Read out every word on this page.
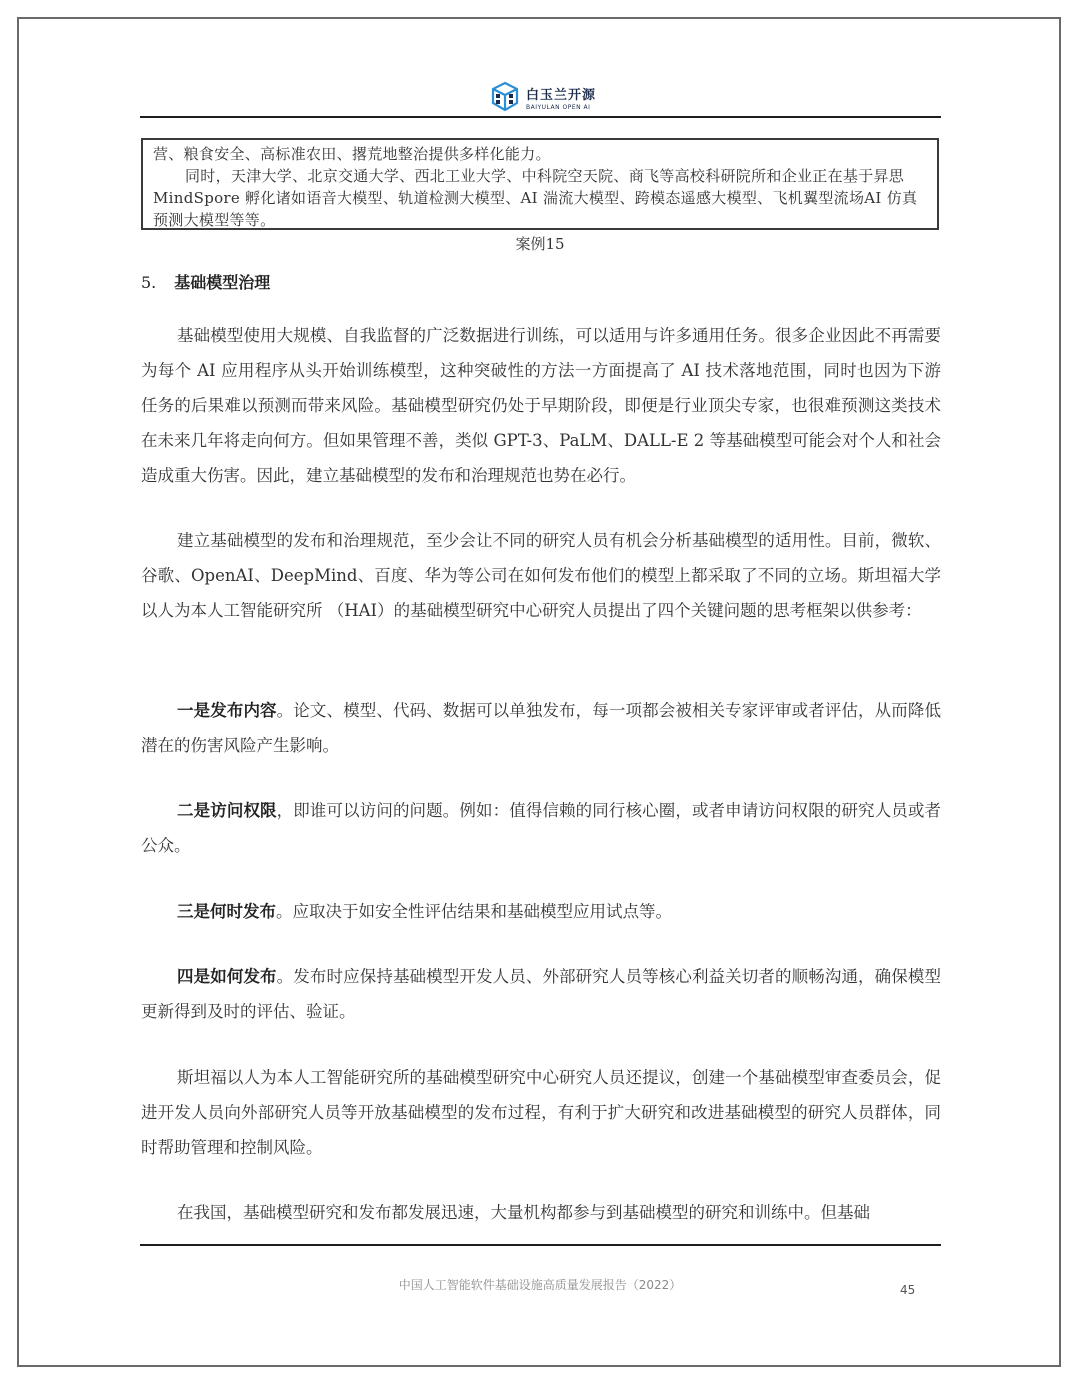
白玉兰开源
BAIYULAN OPEN AI
营、粮食安全、高标准农田、撂荒地整治提供多样化能力。
同时，天津大学、北京交通大学、西北工业大学、中科院空天院、商飞等高校科研院所和企业正在基于昇思 MindSpore 孵化诸如语音大模型、轨道检测大模型、AI 湍流大模型、跨模态遥感大模型、飞机翼型流场AI 仿真预测大模型等等。
案例15
5. 基础模型治理

基础模型使用大规模、自我监督的广泛数据进行训练，可以适用与许多通用任务。很多企业因此不再需要为每个 AI 应用程序从头开始训练模型，这种突破性的方法一方面提高了 AI 技术落地范围，同时也因为下游任务的后果难以预测而带来风险。基础模型研究仍处于早期阶段，即便是行业顶尖专家，也很难预测这类技术在未来几年将走向何方。但如果管理不善，类似 GPT-3、PaLM、DALL-E 2 等基础模型可能会对个人和社会造成重大伤害。因此，建立基础模型的发布和治理规范也势在必行。

建立基础模型的发布和治理规范，至少会让不同的研究人员有机会分析基础模型的适用性。目前，微软、谷歌、OpenAI、DeepMind、百度、华为等公司在如何发布他们的模型上都采取了不同的立场。斯坦福大学以人为本人工智能研究所 （HAI）的基础模型研究中心研究人员提出了四个关键问题的思考框架以供参考：

一是发布内容。论文、模型、代码、数据可以单独发布，每一项都会被相关专家评审或者评估，从而降低潜在的伤害风险产生影响。

二是访问权限，即谁可以访问的问题。例如：值得信赖的同行核心圈，或者申请访问权限的研究人员或者公众。

三是何时发布。应取决于如安全性评估结果和基础模型应用试点等。

四是如何发布。发布时应保持基础模型开发人员、外部研究人员等核心利益关切者的顺畅沟通，确保模型更新得到及时的评估、验证。

斯坦福以人为本人工智能研究所的基础模型研究中心研究人员还提议，创建一个基础模型审查委员会，促进开发人员向外部研究人员等开放基础模型的发布过程，有利于扩大研究和改进基础模型的研究人员群体，同时帮助管理和控制风险。

在我国，基础模型研究和发布都发展迅速，大量机构都参与到基础模型的研究和训练中。但基础

中国人工智能软件基础设施高质量发展报告（2022）	45
